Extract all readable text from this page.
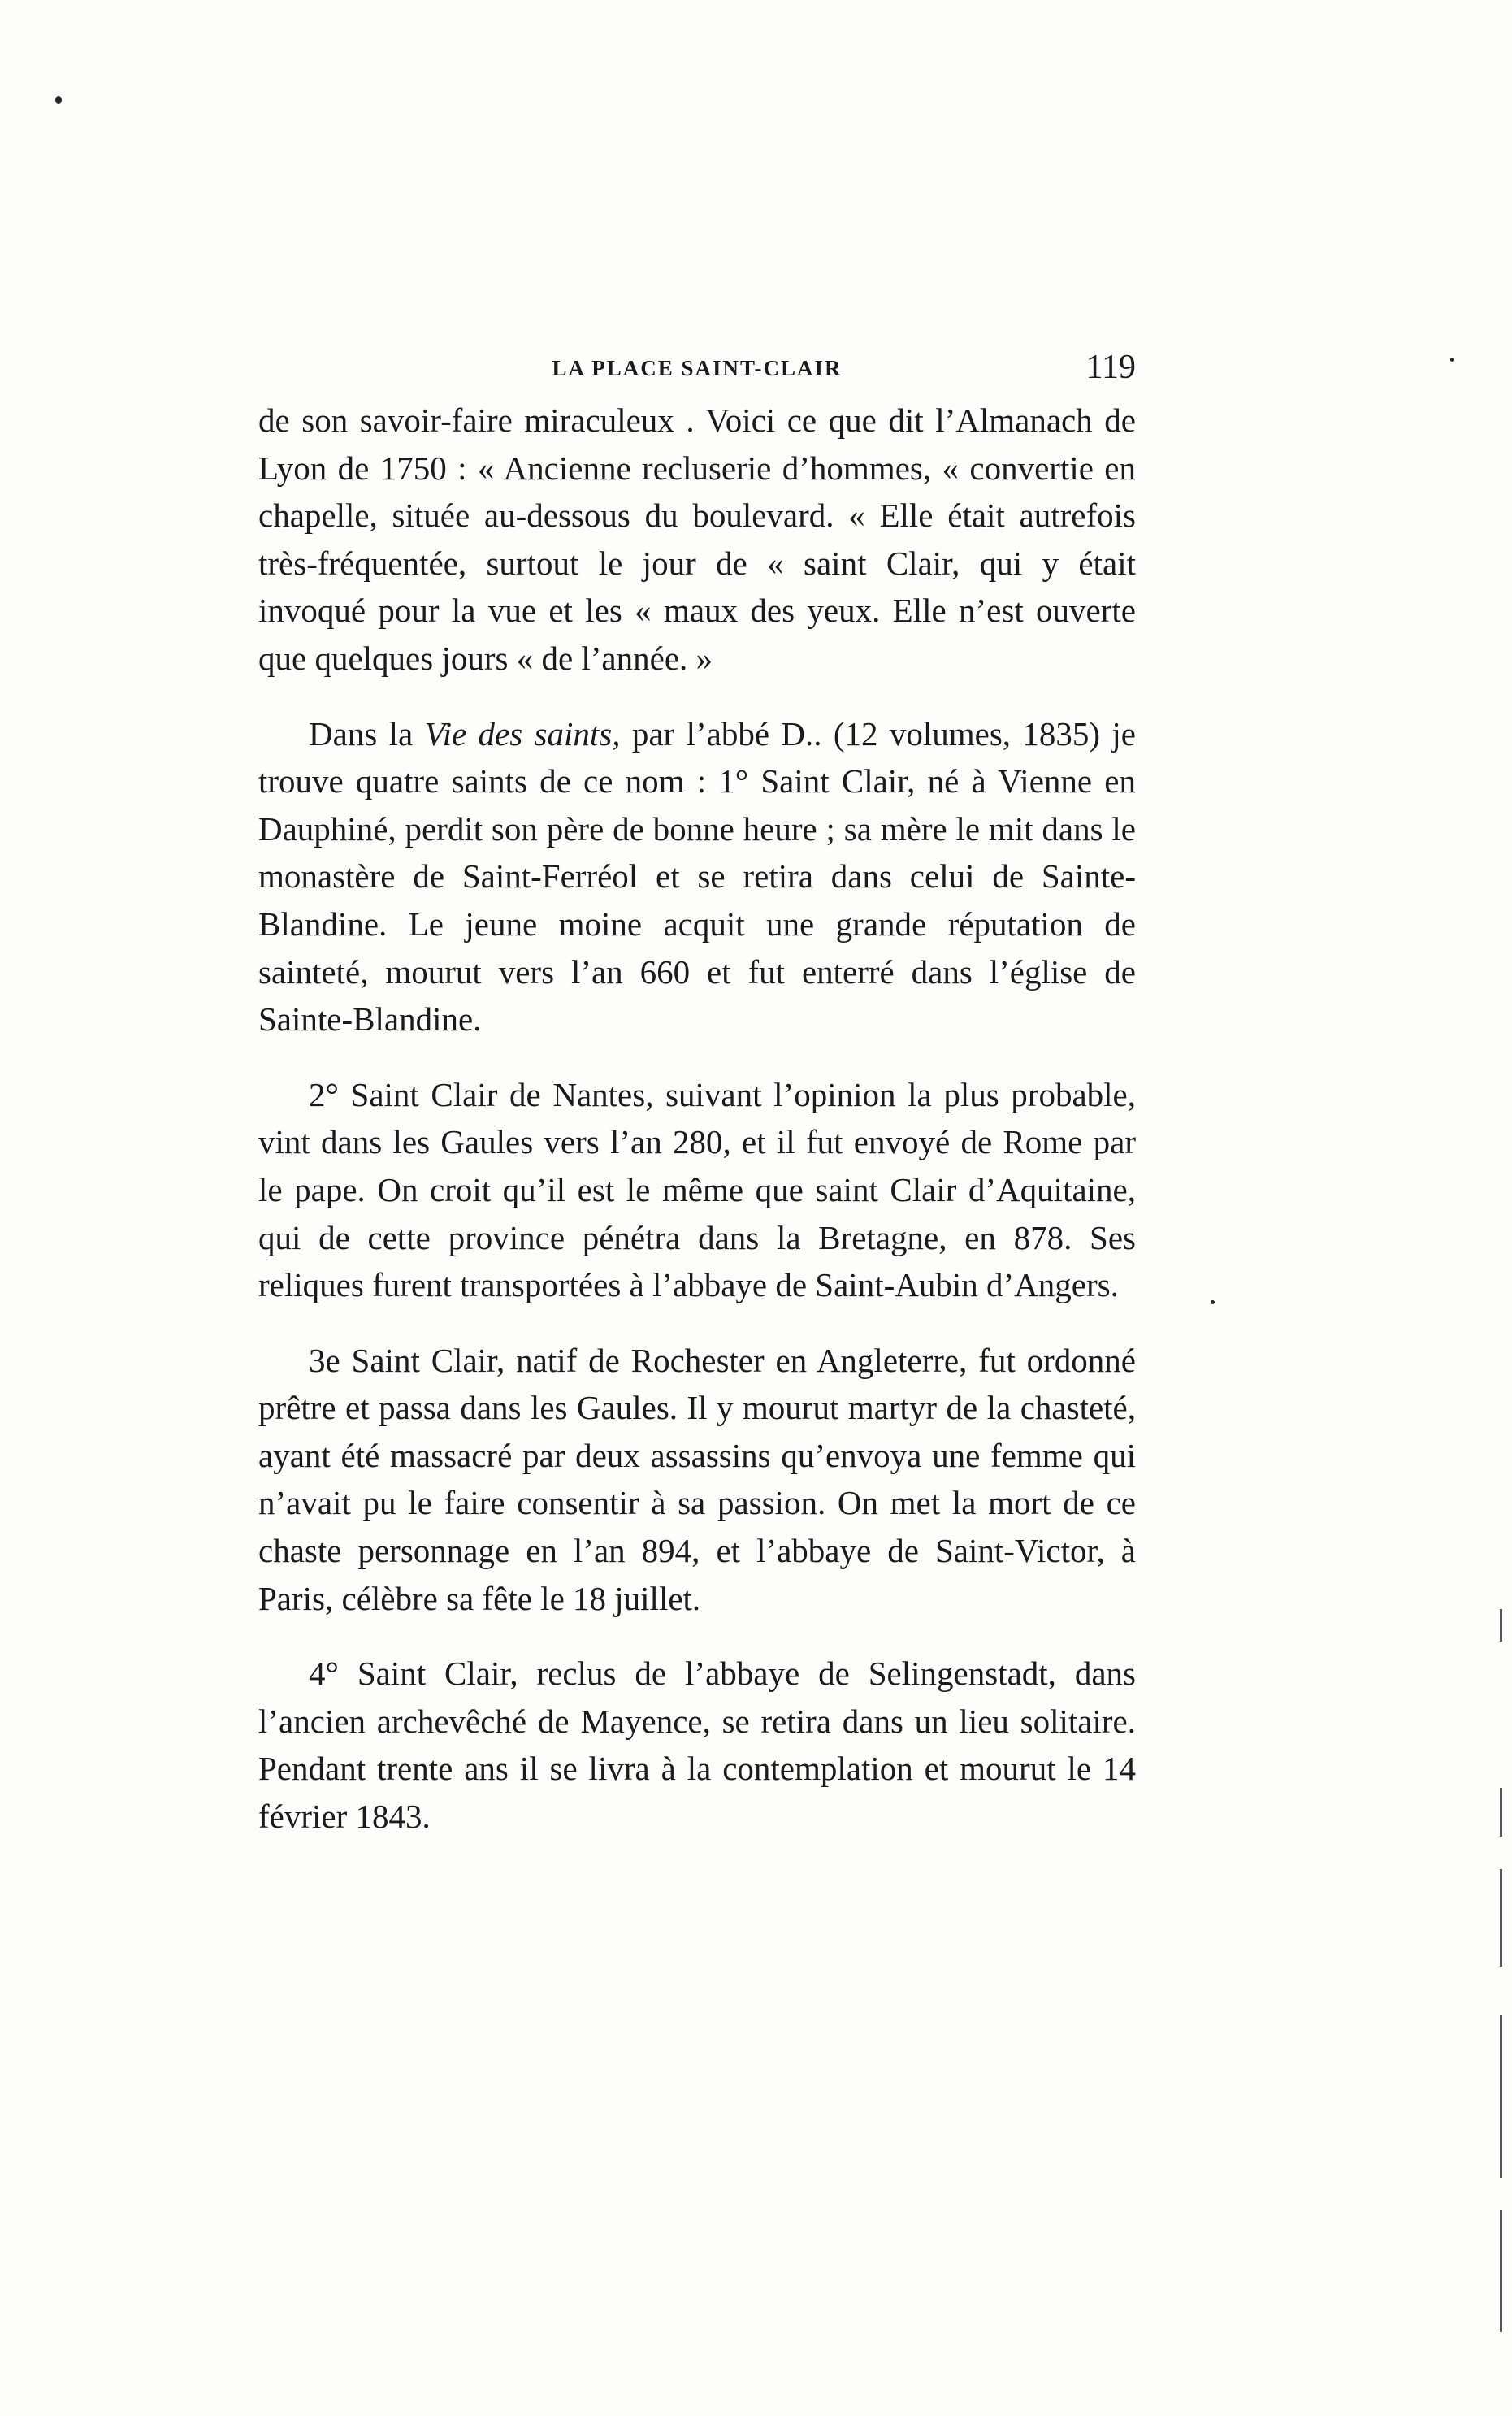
LA PLACE SAINT-CLAIR	119

de son savoir-faire miraculeux . Voici ce que dit l’Almanach de Lyon de 1750 : « Ancienne recluserie d’hommes, « convertie en chapelle, située au-dessous du boulevard. « Elle était autrefois très-fréquentée, surtout le jour de « saint Clair, qui y était invoqué pour la vue et les « maux des yeux. Elle n’est ouverte que quelques jours « de l’année. »

Dans la Vie des saints, par l’abbé D.. (12 volumes, 1835) je trouve quatre saints de ce nom : 1° Saint Clair, né à Vienne en Dauphiné, perdit son père de bonne heure ; sa mère le mit dans le monastère de Saint-Ferréol et se retira dans celui de Sainte-Blandine. Le jeune moine acquit une grande réputation de sainteté, mourut vers l’an 660 et fut enterré dans l’église de Sainte-Blandine.

2° Saint Clair de Nantes, suivant l’opinion la plus probable, vint dans les Gaules vers l’an 280, et il fut envoyé de Rome par le pape. On croit qu’il est le même que saint Clair d’Aquitaine, qui de cette province pénétra dans la Bretagne, en 878. Ses reliques furent transportées à l’abbaye de Saint-Aubin d’Angers.

3e Saint Clair, natif de Rochester en Angleterre, fut ordonné prêtre et passa dans les Gaules. Il y mourut martyr de la chasteté, ayant été massacré par deux assassins qu’envoya une femme qui n’avait pu le faire consentir à sa passion. On met la mort de ce chaste personnage en l’an 894, et l’abbaye de Saint-Victor, à Paris, célèbre sa fête le 18 juillet.

4° Saint Clair, reclus de l’abbaye de Selingenstadt, dans l’ancien archevêché de Mayence, se retira dans un lieu solitaire. Pendant trente ans il se livra à la contemplation et mourut le 14 février 1843.
